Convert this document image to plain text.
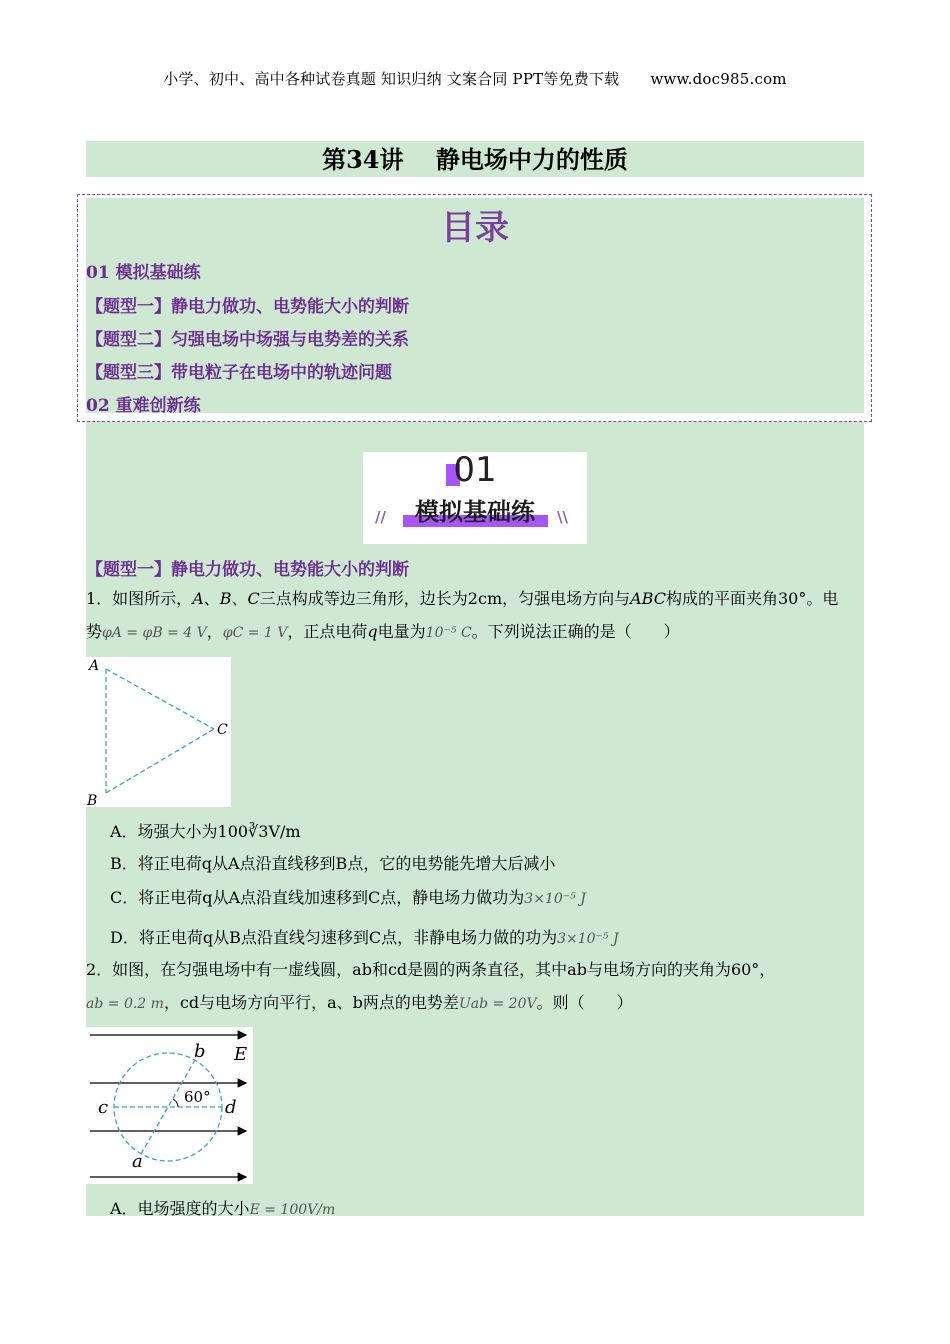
小学、初中、高中各种试卷真题 知识归纳 文案合同 PPT等免费下载 www.doc985.com
第34讲　 静电场中力的性质
目录
01 模拟基础练
【题型一】静电力做功、电势能大小的判断
【题型二】匀强电场中场强与电势差的关系
【题型三】带电粒子在电场中的轨迹问题
02 重难创新练
01
模拟基础练
//	\\
【题型一】静电力做功、电势能大小的判断
1．如图所示，A、B、C三点构成等边三角形，边长为2cm，匀强电场方向与ABC构成的平面夹角30°。电
势φA = φB = 4 V，φC = 1 V，正点电荷q电量为10⁻⁵ C。下列说法正确的是（　　）
A
B
C
A．场强大小为100∛3V/m
B．将正电荷q从A点沿直线移到B点，它的电势能先增大后减小
C．将正电荷q从A点沿直线加速移到C点，静电场力做功为3×10⁻⁵ J
D．将正电荷q从B点沿直线匀速移到C点，非静电场力做的功为3×10⁻⁵ J
2．如图，在匀强电场中有一虚线圆，ab和cd是圆的两条直径，其中ab与电场方向的夹角为60°，
ab = 0.2 m，cd与电场方向平行，a、b两点的电势差Uab = 20V。则（　　）
b E
60°
c	d
a
A．电场强度的大小E = 100V/m
